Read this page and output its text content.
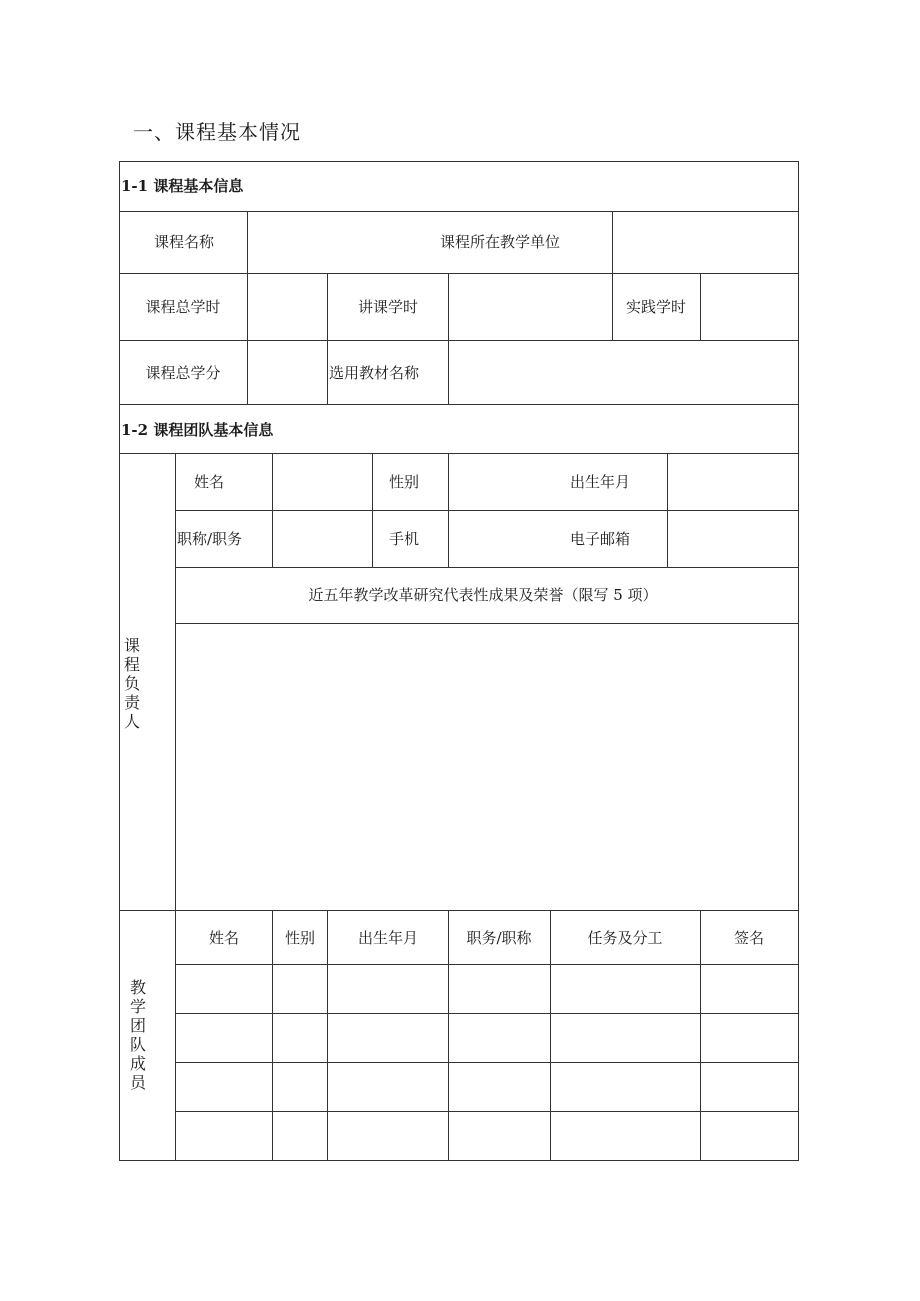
一、课程基本情况
1-1 课程基本信息
课程名称	课程所在教学单位
课程总学时	讲课学时	实践学时
课程总学分	选用教材名称
1-2 课程团队基本信息
课程负责人
姓名	性别	出生年月
职称/职务	手机	电子邮箱
近五年教学改革研究代表性成果及荣誉（限写 5 项）
教学团队成员
姓名	性别	出生年月	职务/职称	任务及分工	签名
